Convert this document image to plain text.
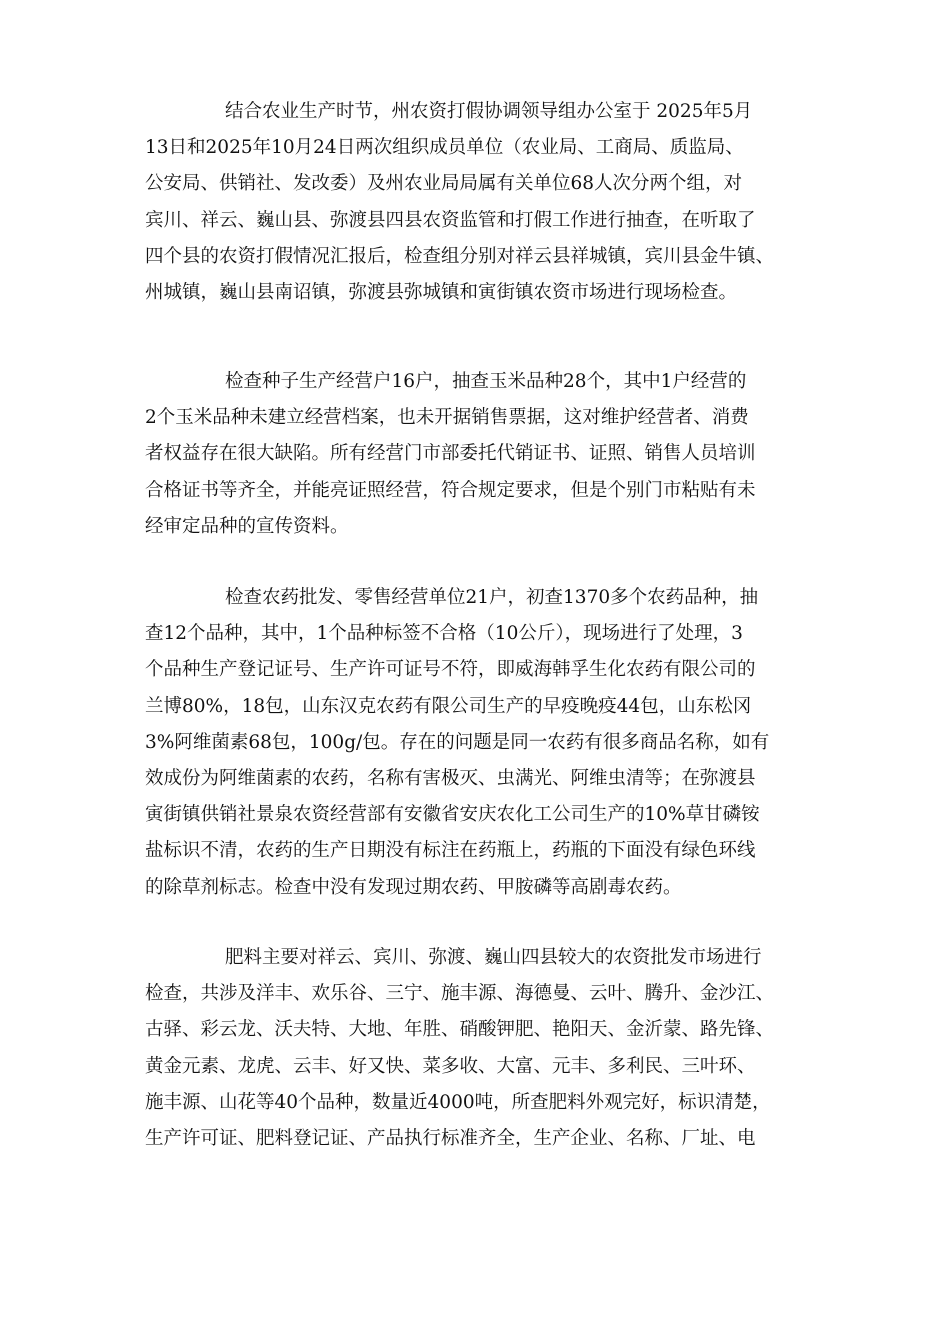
结合农业生产时节，州农资打假协调领导组办公室于 2025年5月
13日和2025年10月24日两次组织成员单位（农业局、工商局、质监局、
公安局、供销社、发改委）及州农业局局属有关单位68人次分两个组，对
宾川、祥云、巍山县、弥渡县四县农资监管和打假工作进行抽查，在听取了
四个县的农资打假情况汇报后，检查组分别对祥云县祥城镇，宾川县金牛镇、
州城镇，巍山县南诏镇，弥渡县弥城镇和寅街镇农资市场进行现场检查。

检查种子生产经营户16户，抽查玉米品种28个，其中1户经营的
2个玉米品种未建立经营档案，也未开据销售票据，这对维护经营者、消费
者权益存在很大缺陷。所有经营门市部委托代销证书、证照、销售人员培训
合格证书等齐全，并能亮证照经营，符合规定要求，但是个别门市粘贴有未
经审定品种的宣传资料。

检查农药批发、零售经营单位21户，初查1370多个农药品种，抽
查12个品种，其中，1个品种标签不合格（10公斤），现场进行了处理，3
个品种生产登记证号、生产许可证号不符，即威海韩孚生化农药有限公司的
兰博80%，18包，山东汉克农药有限公司生产的早疫晚疫44包，山东松冈
3%阿维菌素68包，100g/包。存在的问题是同一农药有很多商品名称，如有
效成份为阿维菌素的农药，名称有害极灭、虫满光、阿维虫清等；在弥渡县
寅街镇供销社景泉农资经营部有安徽省安庆农化工公司生产的10%草甘磷铵
盐标识不清，农药的生产日期没有标注在药瓶上，药瓶的下面没有绿色环线
的除草剂标志。检查中没有发现过期农药、甲胺磷等高剧毒农药。

肥料主要对祥云、宾川、弥渡、巍山四县较大的农资批发市场进行
检查，共涉及洋丰、欢乐谷、三宁、施丰源、海德曼、云叶、腾升、金沙江、
古驿、彩云龙、沃夫特、大地、年胜、硝酸钾肥、艳阳天、金沂蒙、路先锋、
黄金元素、龙虎、云丰、好又快、菜多收、大富、元丰、多利民、三叶环、
施丰源、山花等40个品种，数量近4000吨，所查肥料外观完好，标识清楚，
生产许可证、肥料登记证、产品执行标准齐全，生产企业、名称、厂址、电
